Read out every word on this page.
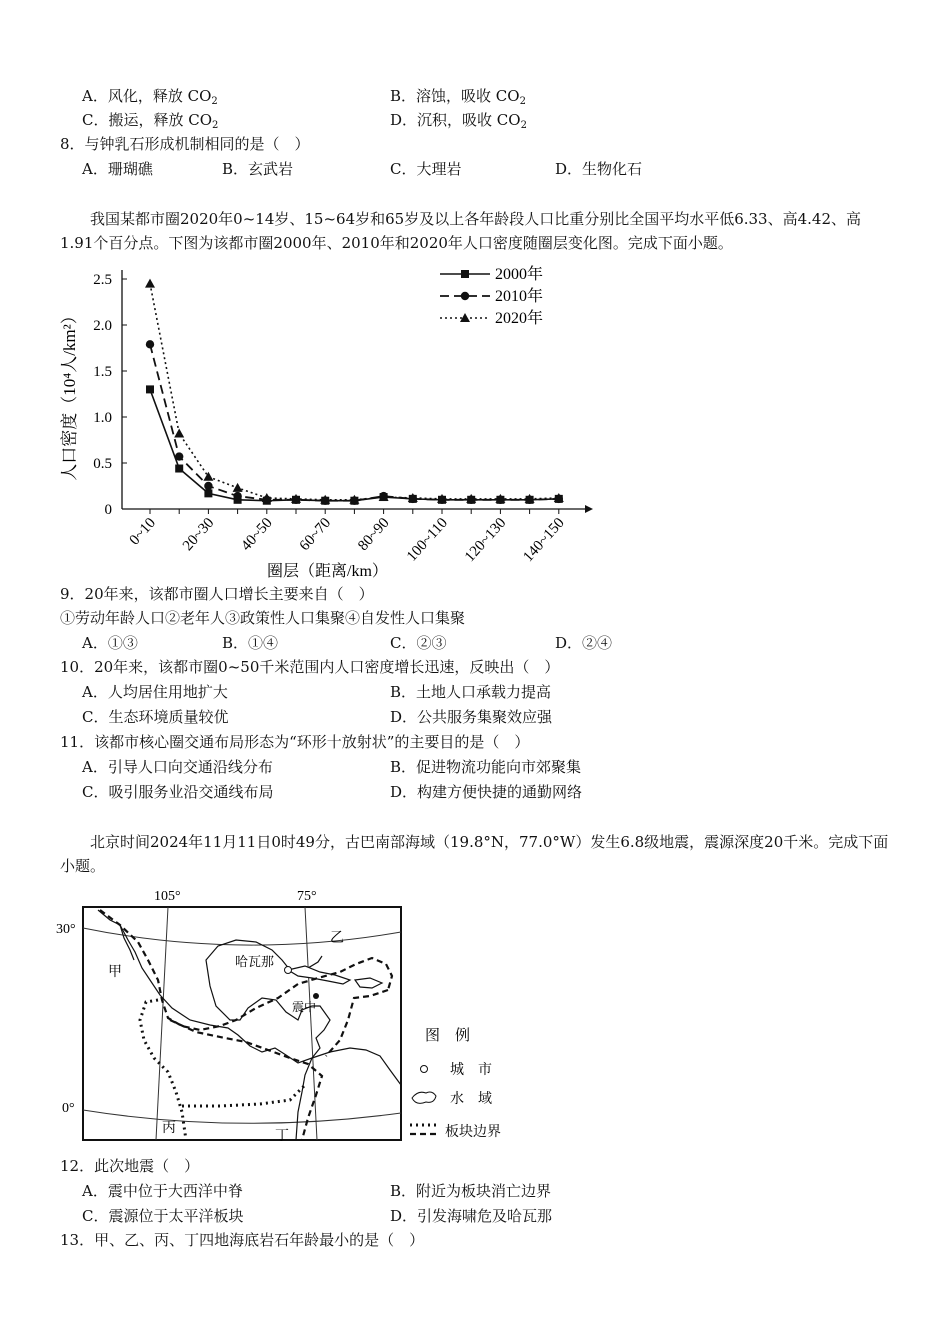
A．风化，释放 $CO_2$	B．溶蚀，吸收 $CO_2$
C．搬运，释放 $CO_2$	D．沉积，吸收 $CO_2$
8．与钟乳石形成机制相同的是（　）
A．珊瑚礁	B．玄武岩	C．大理岩	D．生物化石
我国某都市圈2020年0~14岁、15~64岁和65岁及以上各年龄段人口比重分别比全国平均水平低6.33、高4.42、高1.91个百分点。下图为该都市圈2000年、2010年和2020年人口密度随圈层变化图。完成下面小题。
0
0.5
1.0
1.5
2.0
2.5
0~10 20~30 40~50 60~70 80~90 100~110 120~130 140~150
人口密度（10⁴人/km²）
圈层（距离/km）
2000年
2010年
2020年
9．20年来，该都市圈人口增长主要来自（　）
①劳动年龄人口②老年人③政策性人口集聚④自发性人口集聚
A．①③	B．①④	C．②③	D．②④
10．20年来，该都市圈0~50千米范围内人口密度增长迅速，反映出（　）
A．人均居住用地扩大	B．土地人口承载力提高
C．生态环境质量较优	D．公共服务集聚效应强
11．该都市核心圈交通布局形态为“环形十放射状”的主要目的是（　）
A．引导人口向交通沿线分布	B．促进物流功能向市郊聚集
C．吸引服务业沿交通线布局	D．构建方便快捷的通勤网络
北京时间2024年11月11日0时49分，古巴南部海域（19.8°N，77.0°W）发生6.8级地震，震源深度20千米。完成下面小题。
105°	75°
30°
0°
哈瓦那
震中
甲
乙
丙
丁
图　例
城　市
水　域
板块边界
12．此次地震（　）
A．震中位于大西洋中脊	B．附近为板块消亡边界
C．震源位于太平洋板块	D．引发海啸危及哈瓦那
13．甲、乙、丙、丁四地海底岩石年龄最小的是（　）
